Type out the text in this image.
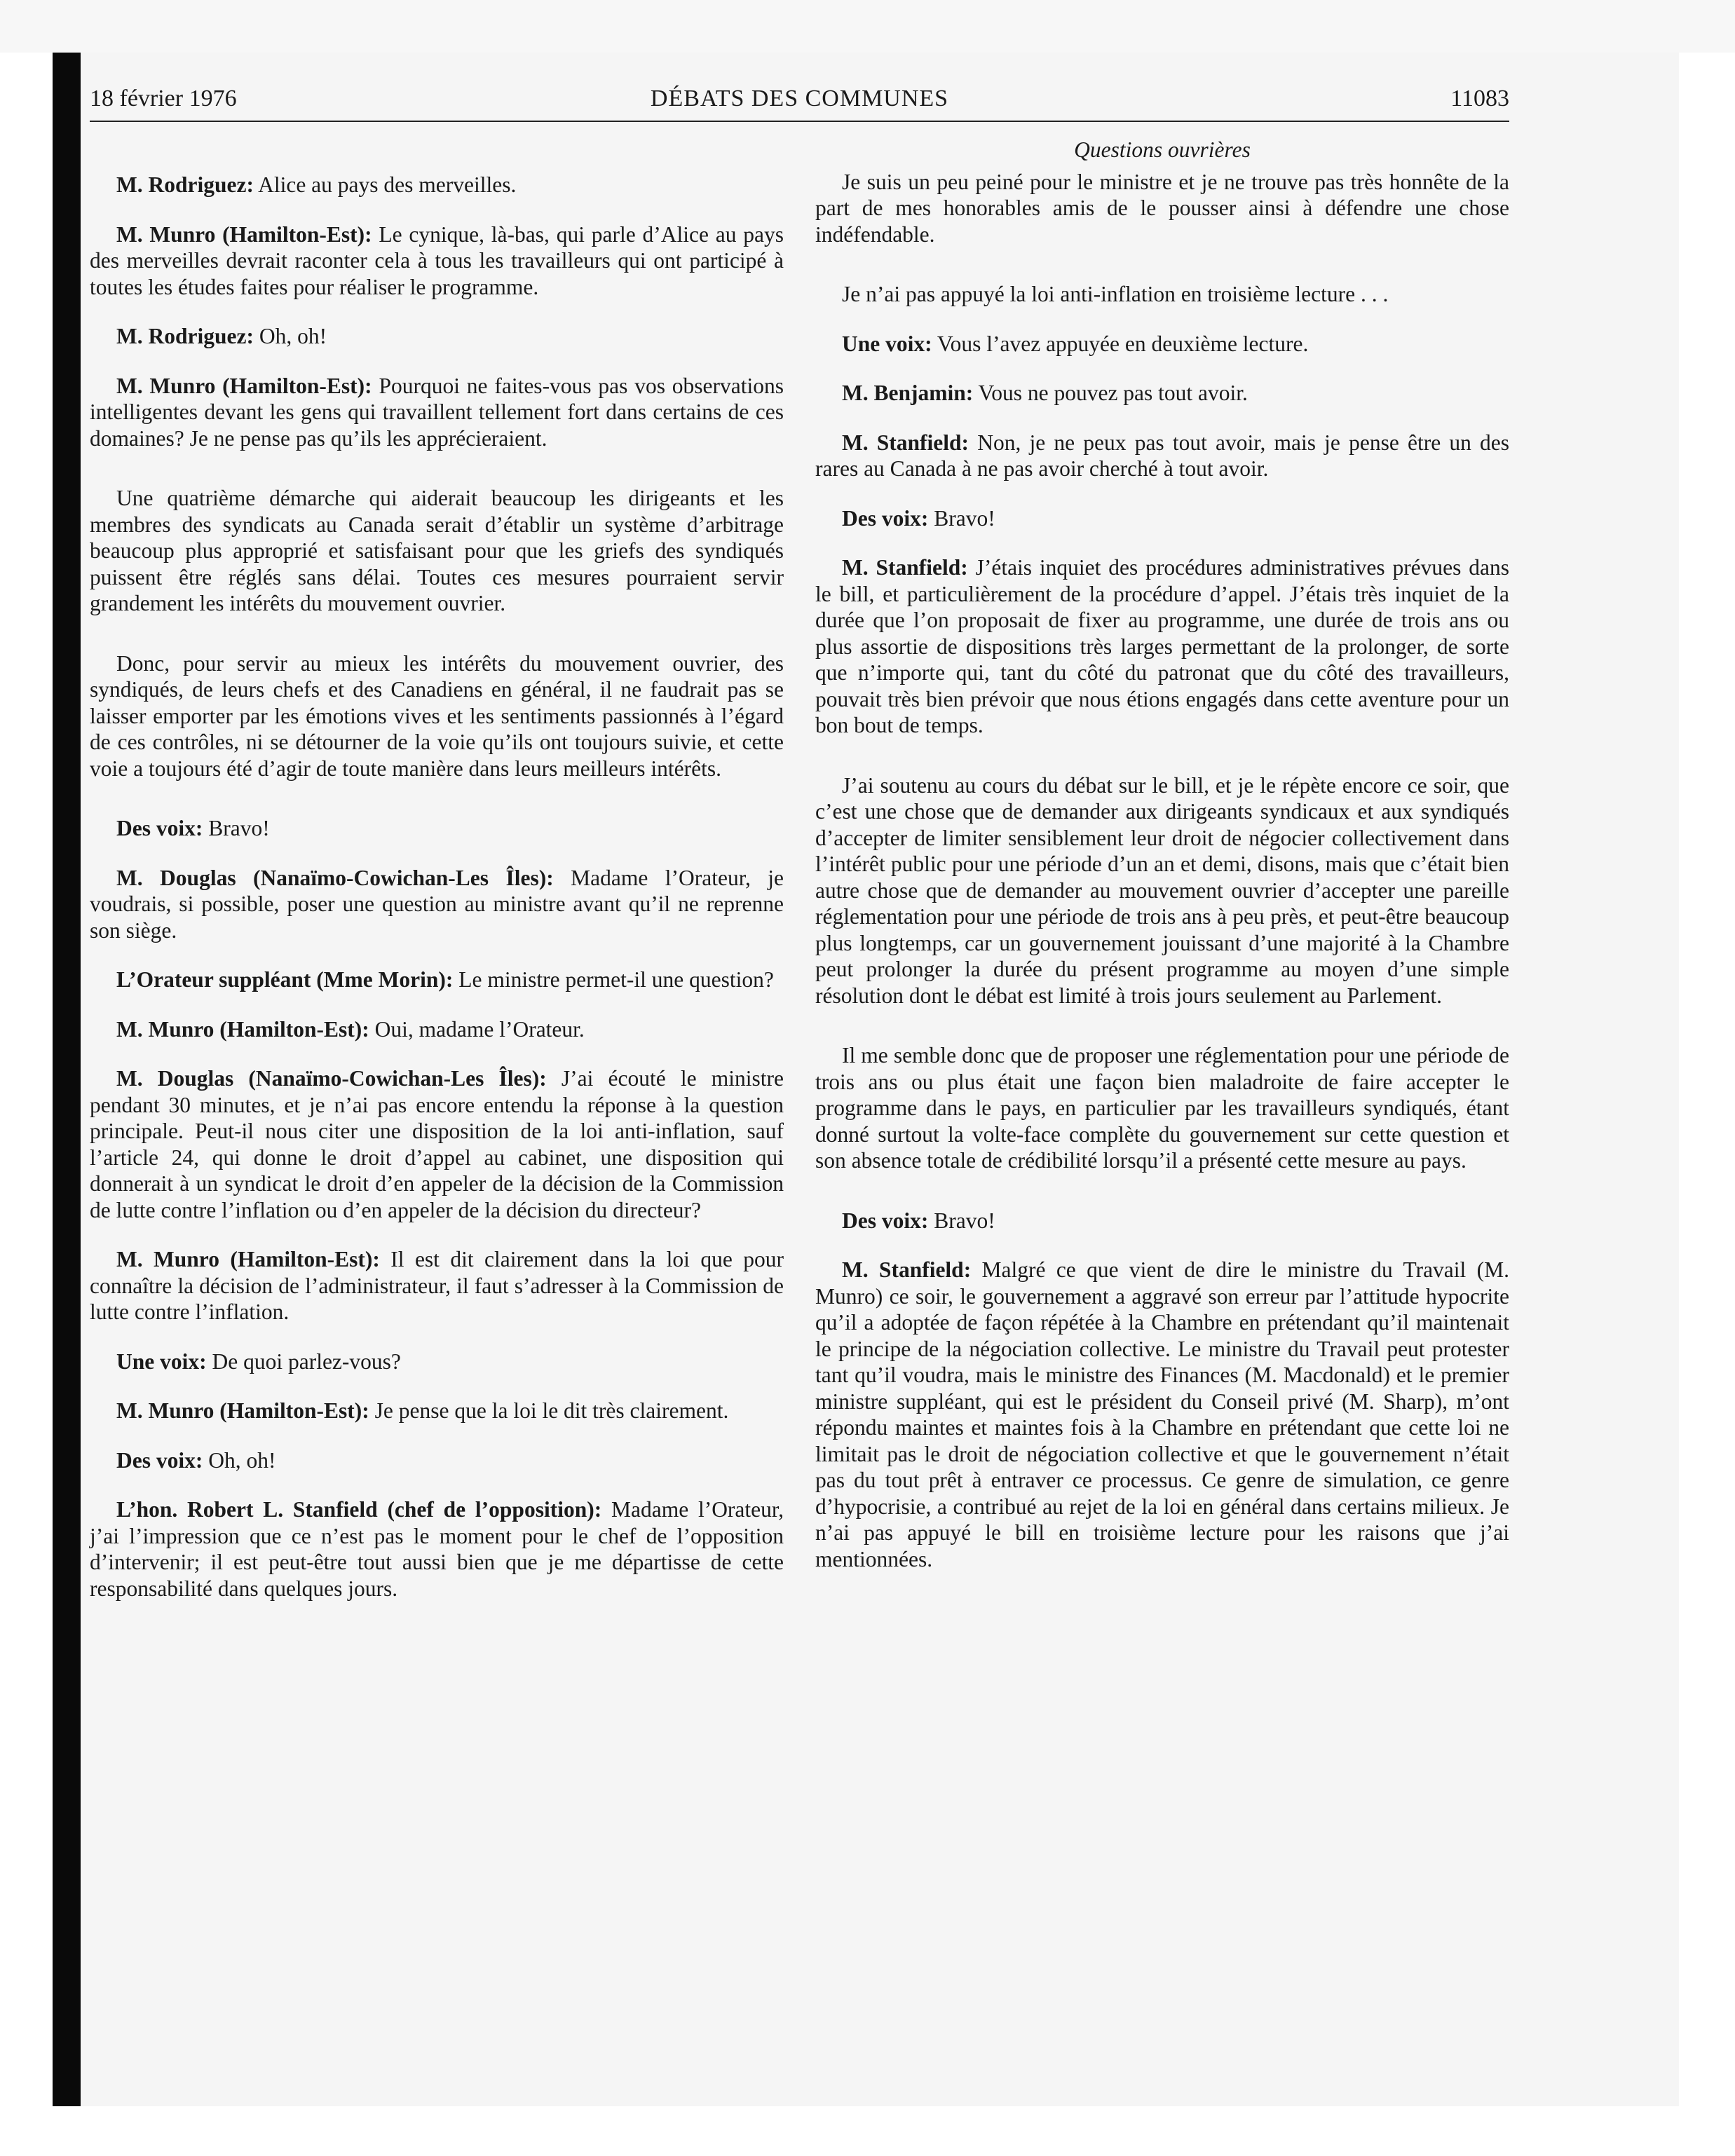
18 février 1976	DÉBATS DES COMMUNES	11083

M. Rodriguez: Alice au pays des merveilles.

M. Munro (Hamilton-Est): Le cynique, là-bas, qui parle d’Alice au pays des merveilles devrait raconter cela à tous les travailleurs qui ont participé à toutes les études faites pour réaliser le programme.

M. Rodriguez: Oh, oh!

M. Munro (Hamilton-Est): Pourquoi ne faites-vous pas vos observations intelligentes devant les gens qui travaillent tellement fort dans certains de ces domaines? Je ne pense pas qu’ils les apprécieraient.

Une quatrième démarche qui aiderait beaucoup les dirigeants et les membres des syndicats au Canada serait d’établir un système d’arbitrage beaucoup plus approprié et satisfaisant pour que les griefs des syndiqués puissent être réglés sans délai. Toutes ces mesures pourraient servir grandement les intérêts du mouvement ouvrier.

Donc, pour servir au mieux les intérêts du mouvement ouvrier, des syndiqués, de leurs chefs et des Canadiens en général, il ne faudrait pas se laisser emporter par les émotions vives et les sentiments passionnés à l’égard de ces contrôles, ni se détourner de la voie qu’ils ont toujours suivie, et cette voie a toujours été d’agir de toute manière dans leurs meilleurs intérêts.

Des voix: Bravo!

M. Douglas (Nanaïmo-Cowichan-Les Îles): Madame l’Orateur, je voudrais, si possible, poser une question au ministre avant qu’il ne reprenne son siège.

L’Orateur suppléant (Mme Morin): Le ministre permet-il une question?

M. Munro (Hamilton-Est): Oui, madame l’Orateur.

M. Douglas (Nanaïmo-Cowichan-Les Îles): J’ai écouté le ministre pendant 30 minutes, et je n’ai pas encore entendu la réponse à la question principale. Peut-il nous citer une disposition de la loi anti-inflation, sauf l’article 24, qui donne le droit d’appel au cabinet, une disposition qui donnerait à un syndicat le droit d’en appeler de la décision de la Commission de lutte contre l’inflation ou d’en appeler de la décision du directeur?

M. Munro (Hamilton-Est): Il est dit clairement dans la loi que pour connaître la décision de l’administrateur, il faut s’adresser à la Commission de lutte contre l’inflation.

Une voix: De quoi parlez-vous?

M. Munro (Hamilton-Est): Je pense que la loi le dit très clairement.

Des voix: Oh, oh!

L’hon. Robert L. Stanfield (chef de l’opposition): Madame l’Orateur, j’ai l’impression que ce n’est pas le moment pour le chef de l’opposition d’intervenir; il est peut-être tout aussi bien que je me départisse de cette responsabilité dans quelques jours.

Questions ouvrières

Je suis un peu peiné pour le ministre et je ne trouve pas très honnête de la part de mes honorables amis de le pousser ainsi à défendre une chose indéfendable.

Je n’ai pas appuyé la loi anti-inflation en troisième lecture . . .

Une voix: Vous l’avez appuyée en deuxième lecture.

M. Benjamin: Vous ne pouvez pas tout avoir.

M. Stanfield: Non, je ne peux pas tout avoir, mais je pense être un des rares au Canada à ne pas avoir cherché à tout avoir.

Des voix: Bravo!

M. Stanfield: J’étais inquiet des procédures administratives prévues dans le bill, et particulièrement de la procédure d’appel. J’étais très inquiet de la durée que l’on proposait de fixer au programme, une durée de trois ans ou plus assortie de dispositions très larges permettant de la prolonger, de sorte que n’importe qui, tant du côté du patronat que du côté des travailleurs, pouvait très bien prévoir que nous étions engagés dans cette aventure pour un bon bout de temps.

J’ai soutenu au cours du débat sur le bill, et je le répète encore ce soir, que c’est une chose que de demander aux dirigeants syndicaux et aux syndiqués d’accepter de limiter sensiblement leur droit de négocier collectivement dans l’intérêt public pour une période d’un an et demi, disons, mais que c’était bien autre chose que de demander au mouvement ouvrier d’accepter une pareille réglementation pour une période de trois ans à peu près, et peut-être beaucoup plus longtemps, car un gouvernement jouissant d’une majorité à la Chambre peut prolonger la durée du présent programme au moyen d’une simple résolution dont le débat est limité à trois jours seulement au Parlement.

Il me semble donc que de proposer une réglementation pour une période de trois ans ou plus était une façon bien maladroite de faire accepter le programme dans le pays, en particulier par les travailleurs syndiqués, étant donné surtout la volte-face complète du gouvernement sur cette question et son absence totale de crédibilité lorsqu’il a présenté cette mesure au pays.

Des voix: Bravo!

M. Stanfield: Malgré ce que vient de dire le ministre du Travail (M. Munro) ce soir, le gouvernement a aggravé son erreur par l’attitude hypocrite qu’il a adoptée de façon répétée à la Chambre en prétendant qu’il maintenait le principe de la négociation collective. Le ministre du Travail peut protester tant qu’il voudra, mais le ministre des Finances (M. Macdonald) et le premier ministre suppléant, qui est le président du Conseil privé (M. Sharp), m’ont répondu maintes et maintes fois à la Chambre en prétendant que cette loi ne limitait pas le droit de négociation collective et que le gouvernement n’était pas du tout prêt à entraver ce processus. Ce genre de simulation, ce genre d’hypocrisie, a contribué au rejet de la loi en général dans certains milieux. Je n’ai pas appuyé le bill en troisième lecture pour les raisons que j’ai mentionnées.
